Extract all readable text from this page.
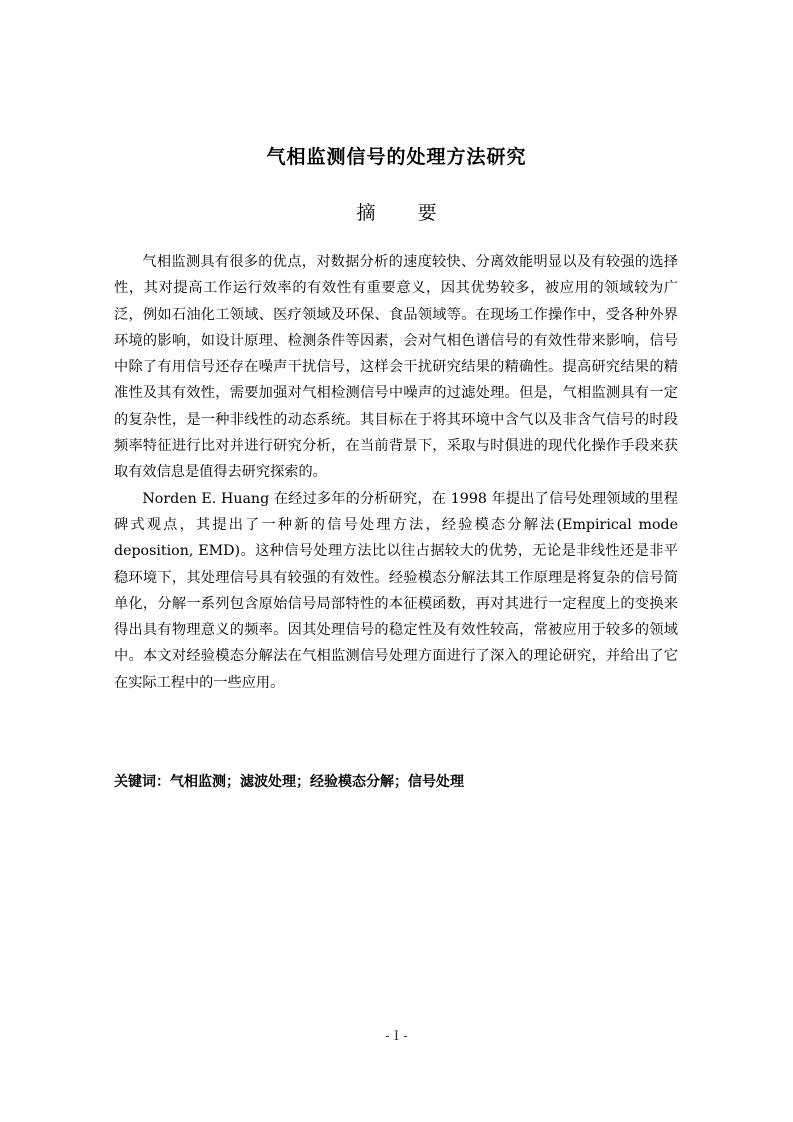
气相监测信号的处理方法研究
摘 要

气相监测具有很多的优点，对数据分析的速度较快、分离效能明显以及有较强的选择性，其对提高工作运行效率的有效性有重要意义，因其优势较多，被应用的领域较为广泛，例如石油化工领域、医疗领域及环保、食品领域等。在现场工作操作中，受各种外界环境的影响，如设计原理、检测条件等因素，会对气相色谱信号的有效性带来影响，信号中除了有用信号还存在噪声干扰信号，这样会干扰研究结果的精确性。提高研究结果的精准性及其有效性，需要加强对气相检测信号中噪声的过滤处理。但是，气相监测具有一定的复杂性，是一种非线性的动态系统。其目标在于将其环境中含气以及非含气信号的时段频率特征进行比对并进行研究分析，在当前背景下，采取与时俱进的现代化操作手段来获取有效信息是值得去研究探索的。

Norden E. Huang 在经过多年的分析研究，在 1998 年提出了信号处理领域的里程碑式观点，其提出了一种新的信号处理方法，经验模态分解法(Empirical mode deposition, EMD)。这种信号处理方法比以往占据较大的优势，无论是非线性还是非平稳环境下，其处理信号具有较强的有效性。经验模态分解法其工作原理是将复杂的信号简单化，分解一系列包含原始信号局部特性的本征模函数，再对其进行一定程度上的变换来得出具有物理意义的频率。因其处理信号的稳定性及有效性较高，常被应用于较多的领域中。本文对经验模态分解法在气相监测信号处理方面进行了深入的理论研究，并给出了它在实际工程中的一些应用。

关键词：气相监测；滤波处理；经验模态分解；信号处理
- I -
